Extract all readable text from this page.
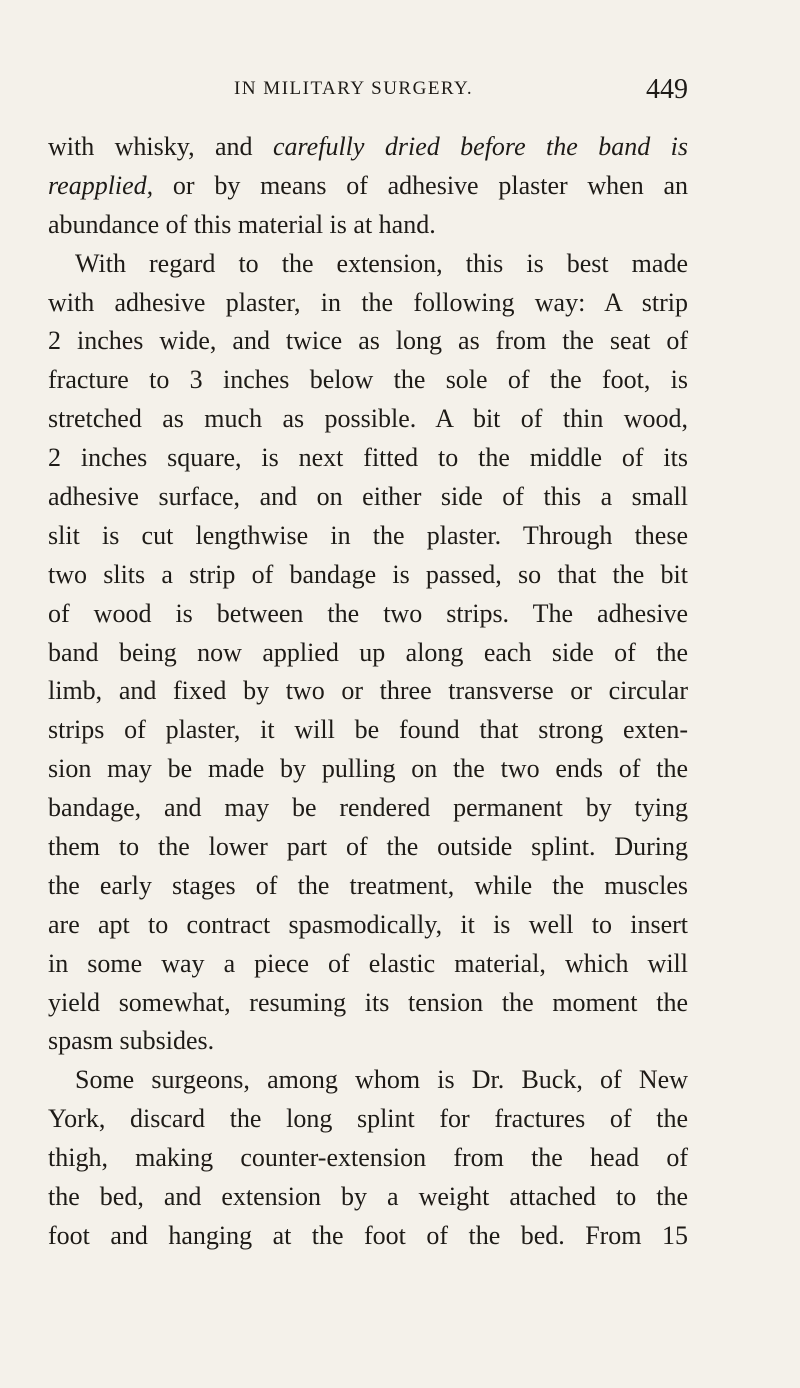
IN MILITARY SURGERY.	449
with whisky, and carefully dried before the band is
reapplied, or by means of adhesive plaster when an
abundance of this material is at hand.
With regard to the extension, this is best made
with adhesive plaster, in the following way: A strip
2 inches wide, and twice as long as from the seat of
fracture to 3 inches below the sole of the foot, is
stretched as much as possible. A bit of thin wood,
2 inches square, is next fitted to the middle of its
adhesive surface, and on either side of this a small
slit is cut lengthwise in the plaster. Through these
two slits a strip of bandage is passed, so that the bit
of wood is between the two strips. The adhesive
band being now applied up along each side of the
limb, and fixed by two or three transverse or circular
strips of plaster, it will be found that strong exten-
sion may be made by pulling on the two ends of the
bandage, and may be rendered permanent by tying
them to the lower part of the outside splint. During
the early stages of the treatment, while the muscles
are apt to contract spasmodically, it is well to insert
in some way a piece of elastic material, which will
yield somewhat, resuming its tension the moment the
spasm subsides.
Some surgeons, among whom is Dr. Buck, of New
York, discard the long splint for fractures of the
thigh, making counter-extension from the head of
the bed, and extension by a weight attached to the
foot and hanging at the foot of the bed. From 15
